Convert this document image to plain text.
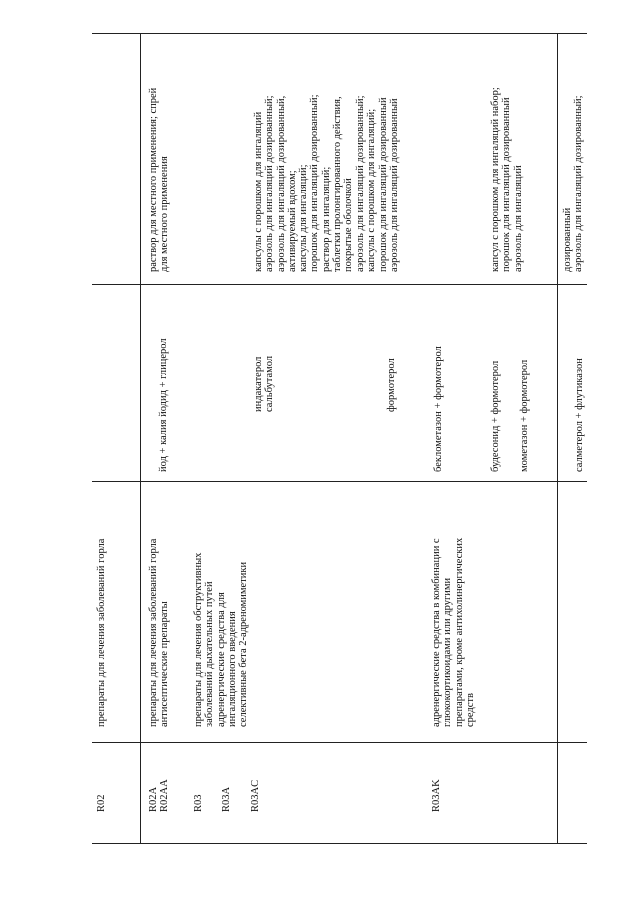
R02
препараты для лечения заболеваний горла
R02A R02AA
препараты для лечения заболеваний горла антисептические препараты
йод + калия йодид + глицерол
раствор для местного применения; спрей для местного применения
R03 R03A R03AC
препараты для лечения обструктивных заболеваний дыхательных путей адренергические средства для ингаляционного введения селективные бета 2-адреномиметики
индакатерол сальбутамол
капсулы с порошком для ингаляций аэрозоль для ингаляций дозированный; аэрозоль для ингаляций дозированный, активируемый вдохом; капсулы для ингаляций; порошок для ингаляций дозированный; раствор для ингаляций; таблетки пролонгированного действия, покрытые оболочкой
формотерол
аэрозоль для ингаляций дозированный; капсулы с порошком для ингаляций; порошок для ингаляций дозированный аэрозоль для ингаляций дозированный
R03AK
адренергические средства в комбинации с глюкокортикоидами или другими препаратами, кроме антихолинергических средств
беклометазон + формотерол	будесонид + формотерол мометазон + формотерол
капсул с порошком для ингаляций набор; порошок для ингаляций дозированный аэрозоль для ингаляций
салметерол + флутиказон
дозированный аэрозоль для ингаляций дозированный;
